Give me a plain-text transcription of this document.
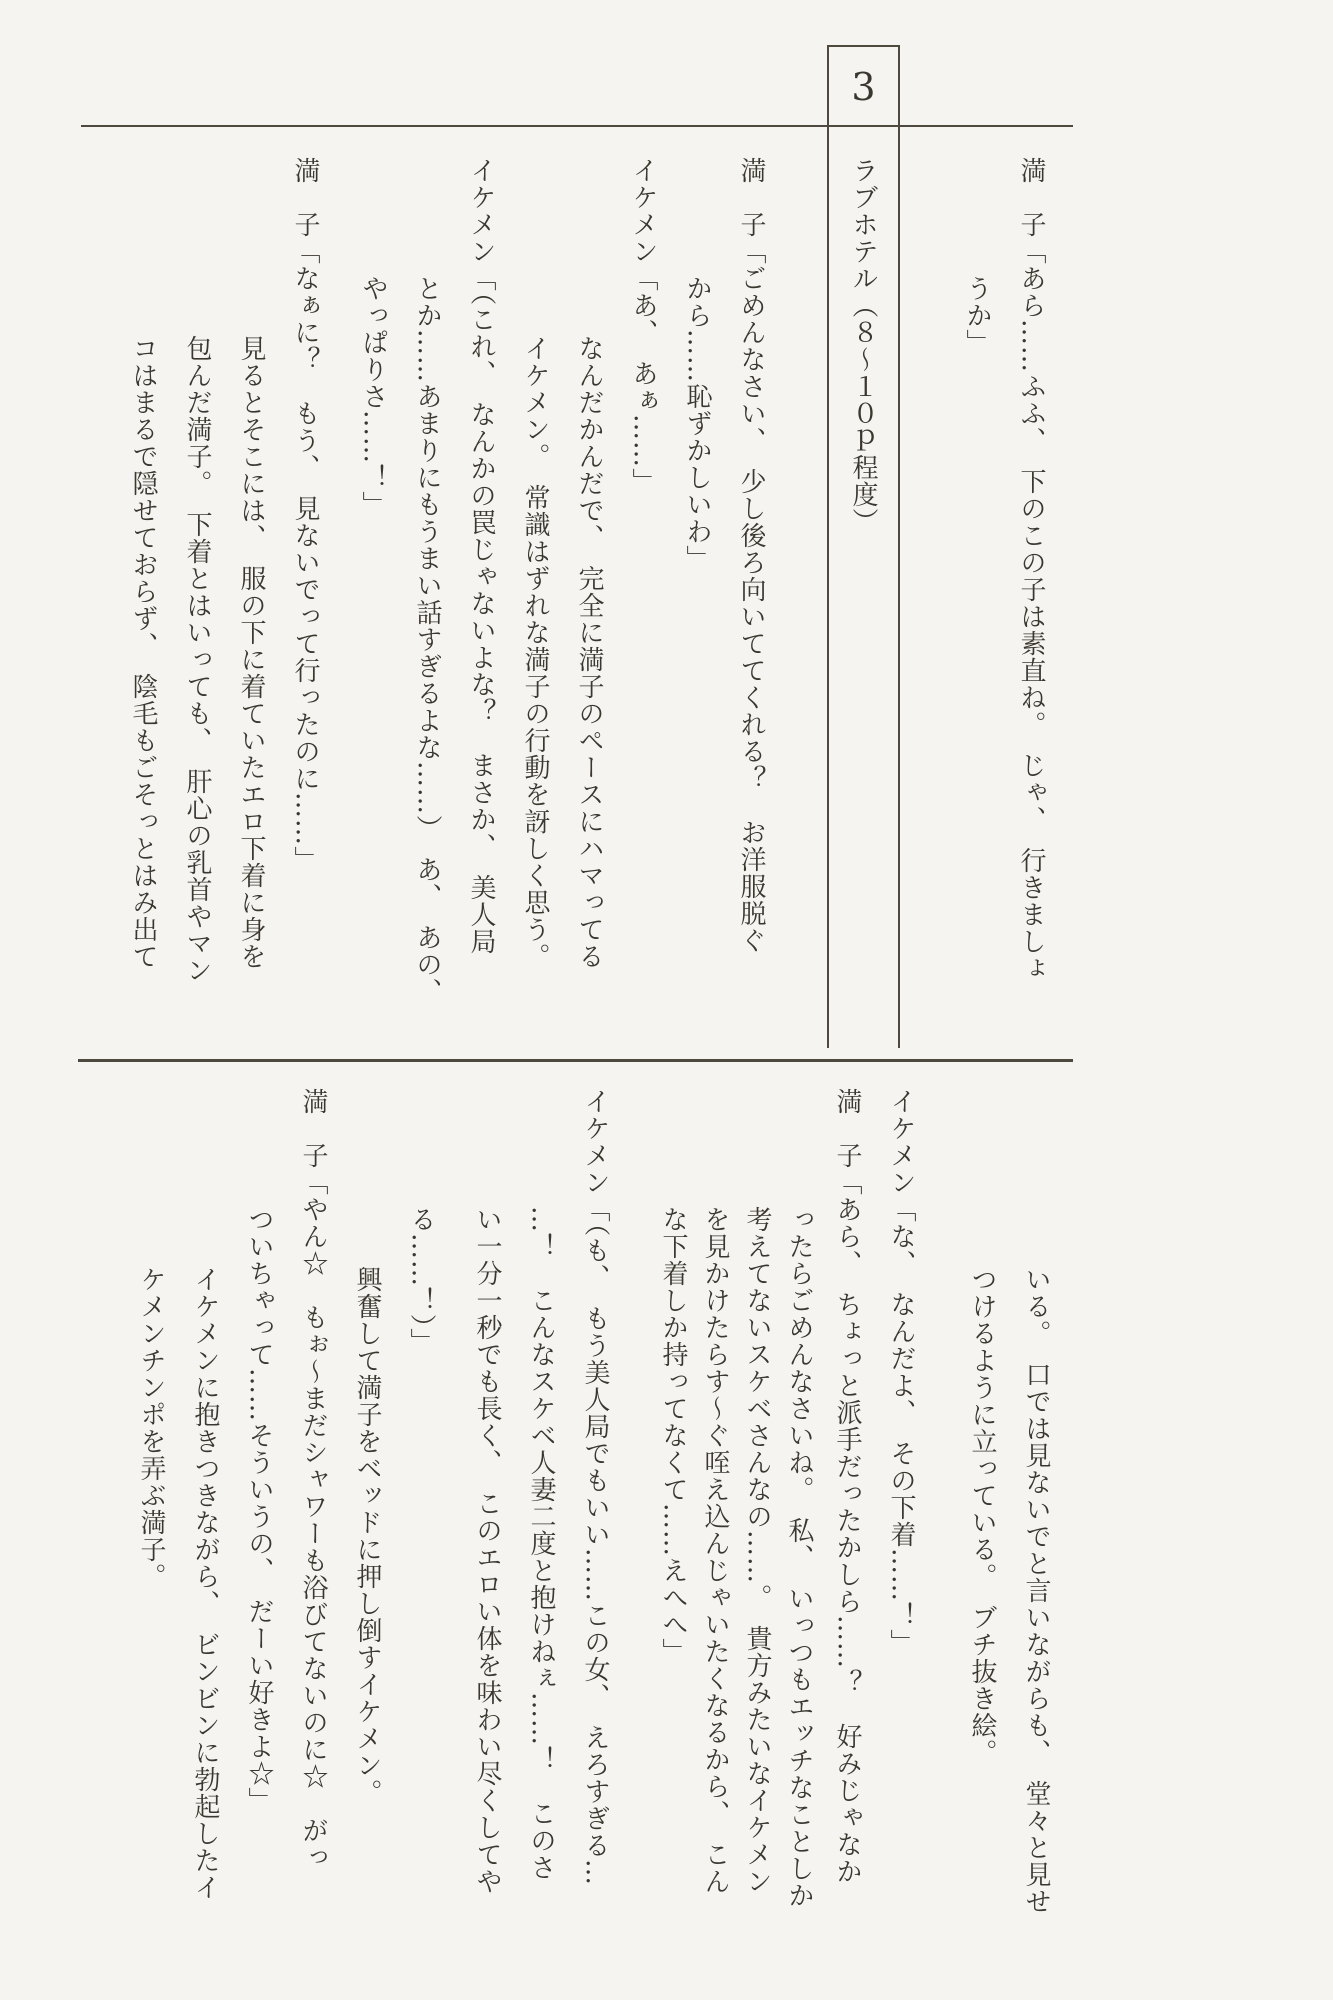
3
満　子「あら……ふふ、　下のこの子は素直ね。　じゃ、　行きましょ
うか」
ラブホテル（８～１０ｐ程度）
満　子「ごめんなさい、　少し後ろ向いててくれる？　お洋服脱ぐ
から……恥ずかしいわ」
イケメン「あ、　あぁ……」
なんだかんだで、　完全に満子のペースにハマってる
イケメン。　常識はずれな満子の行動を訝しく思う。
イケメン「（これ、　なんかの罠じゃないよな？　まさか、　美人局
とか……あまりにもうまい話すぎるよな……）　あ、　あの、
やっぱりさ……！」
満　子「なぁに？　もう、　見ないでって行ったのに……」
見るとそこには、　服の下に着ていたエロ下着に身を
包んだ満子。　下着とはいっても、　肝心の乳首やマン
コはまるで隠せておらず、　陰毛もごそっとはみ出て
いる。　口では見ないでと言いながらも、　堂々と見せ
つけるように立っている。　ブチ抜き絵。
イケメン「な、　なんだよ、　その下着……！」
満　子「あら、　ちょっと派手だったかしら……？　好みじゃなか
ったらごめんなさいね。　私、　いっつもエッチなことしか
考えてないスケベさんなの……。　貴方みたいなイケメン
を見かけたらす～ぐ咥え込んじゃいたくなるから、　こん
な下着しか持ってなくて……えへへ」
イケメン「（も、　もう美人局でもいい……この女、　えろすぎる…
…！　こんなスケベ人妻二度と抱けねぇ……！　このさ
い一分一秒でも長く、　このエロい体を味わい尽くしてや
る……！）」
興奮して満子をベッドに押し倒すイケメン。
満　子「やん☆　もぉ～まだシャワーも浴びてないのに☆　がっ
ついちゃって……そういうの、　だーい好きよ☆」
イケメンに抱きつきながら、　ビンビンに勃起したイ
ケメンチンポを弄ぶ満子。
